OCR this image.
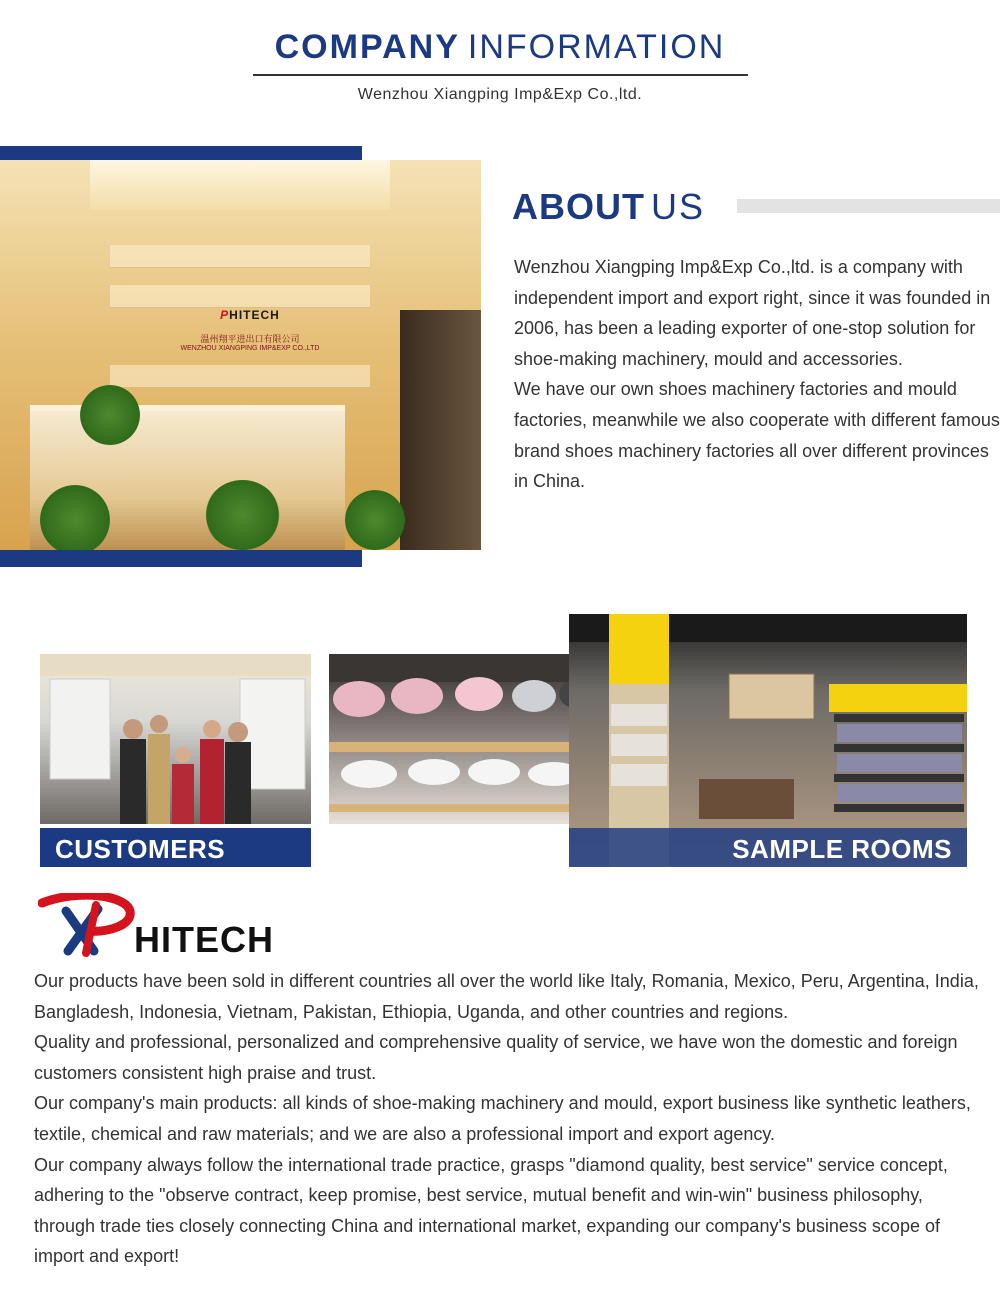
COMPANY INFORMATION
Wenzhou Xiangping Imp&Exp Co.,ltd.
PHITECH
温州翔平进出口有限公司
WENZHOU XIANGPING IMP&EXP CO.,LTD
ABOUT US

Wenzhou Xiangping Imp&Exp Co.,ltd. is a company with independent import and export right, since it was founded in 2006, has been a leading exporter of one-stop solution for shoe-making machinery, mould and accessories.

We have our own shoes machinery factories and mould factories, meanwhile we also cooperate with different famous brand shoes machinery factories all over different provinces in China.

CUSTOMERS	SAMPLE ROOMS
HITECH

Our products have been sold in different countries all over the world like Italy, Romania, Mexico, Peru, Argentina, India, Bangladesh, Indonesia, Vietnam, Pakistan, Ethiopia, Uganda, and other countries and regions.

Quality and professional, personalized and comprehensive quality of service, we have won the domestic and foreign customers consistent high praise and trust.

Our company's main products: all kinds of shoe-making machinery and mould, export business like synthetic leathers, textile, chemical and raw materials; and we are also a professional import and export agency.

Our company always follow the international trade practice, grasps "diamond quality, best service" service concept, adhering to the "observe contract, keep promise, best service, mutual benefit and win-win" business philosophy, through trade ties closely connecting China and international market, expanding our company's business scope of import and export!
